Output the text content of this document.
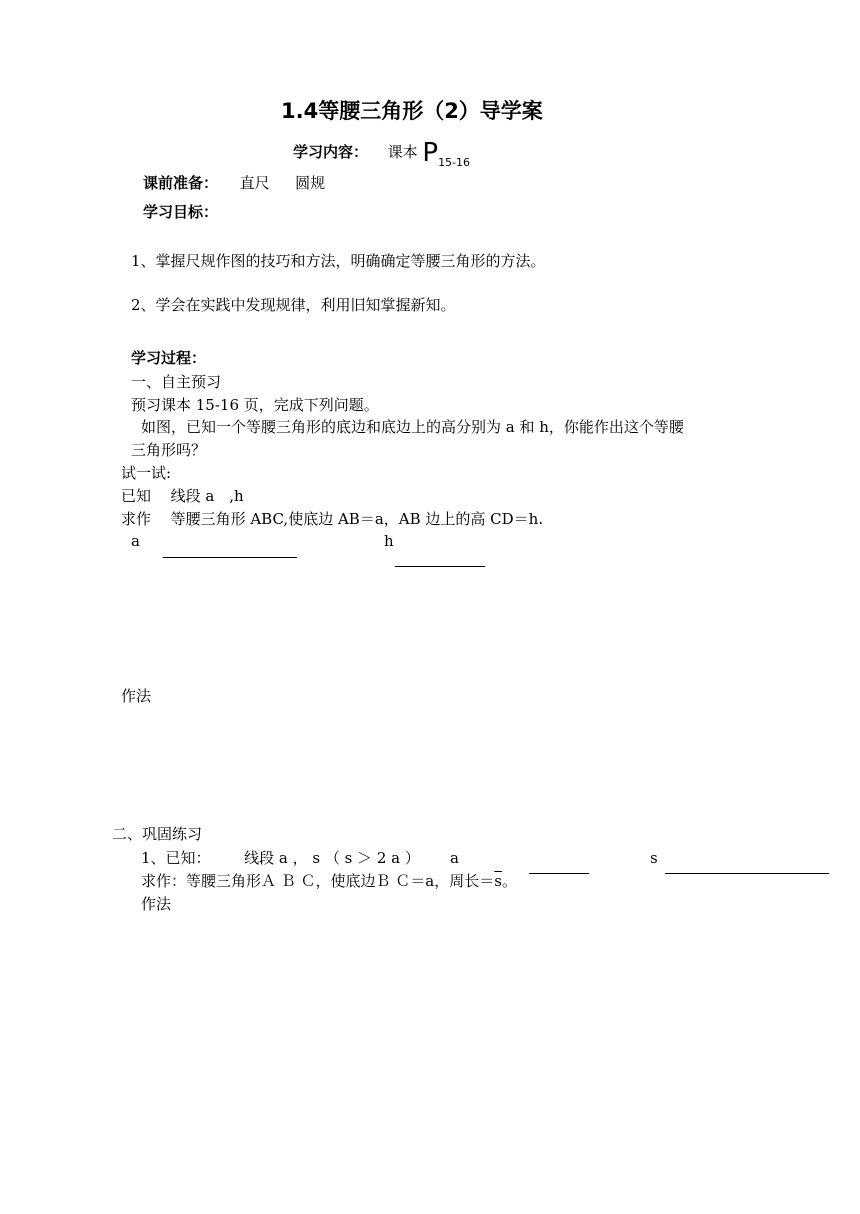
1.4等腰三角形（2）导学案
学习内容： 课本 $P_{15-16}$
课前准备： 直尺 圆规
学习目标：
1、掌握尺规作图的技巧和方法，明确确定等腰三角形的方法。
2、学会在实践中发现规律，利用旧知掌握新知。
学习过程：
一、自主预习
预习课本 15-16 页，完成下列问题。
如图，已知一个等腰三角形的底边和底边上的高分别为 a 和 h，你能作出这个等腰
三角形吗？
试一试:
已知 线段 a　,h
求作 等腰三角形 ABC,使底边 AB＝a，AB 边上的高 CD＝h.
a	h
作法
二、巩固练习
1、已知： 线段 a ， s （ s ＞ 2 a ） a	s
求作：等腰三角形Ａ Ｂ Ｃ，使底边Ｂ Ｃ＝a，周长$=\overline{s}$。
作法
